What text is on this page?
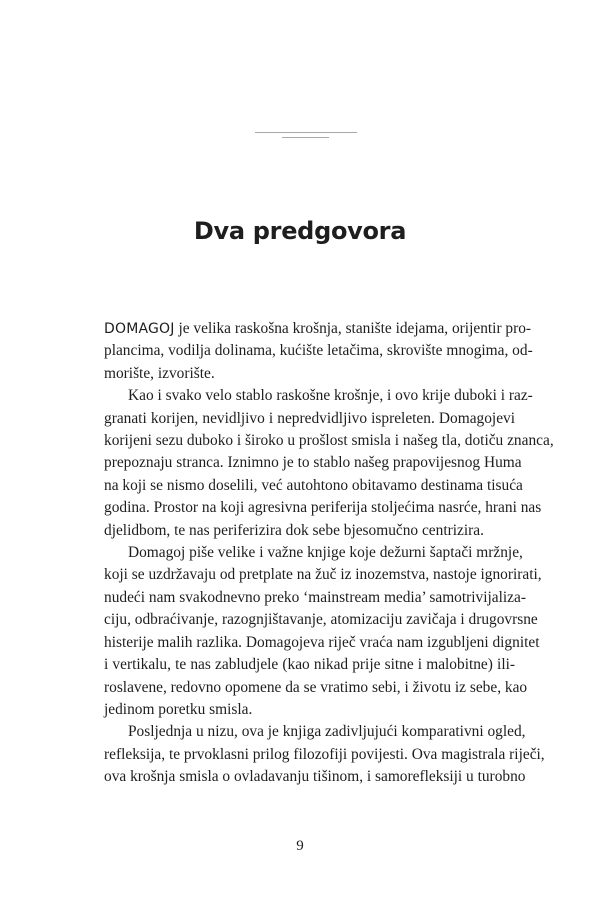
Dva predgovora
DOMAGOJ je velika raskošna krošnja, stanište idejama, orijentir pro-
plancima, vodilja dolinama, kućište letačima, skrovište mnogima, od-
morište, izvorište.
Kao i svako velo stablo raskošne krošnje, i ovo krije duboki i raz-
granati korijen, nevidljivo i nepredvidljivo ispreleten. Domagojevi
korijeni sezu duboko i široko u prošlost smisla i našeg tla, dotiču znanca,
prepoznaju stranca. Iznimno je to stablo našeg prapovijesnog Huma
na koji se nismo doselili, već autohtono obitavamo destinama tisuća
godina. Prostor na koji agresivna periferija stoljećima nasrće, hrani nas
djelidbom, te nas periferizira dok sebe bjesomučno centrizira.
Domagoj piše velike i važne knjige koje dežurni šaptači mržnje,
koji se uzdržavaju od pretplate na žuč iz inozemstva, nastoje ignorirati,
nudeći nam svakodnevno preko ‘mainstream media’ samotrivijaliza-
ciju, odbraćivanje, razognjištavanje, atomizaciju zavičaja i drugovrsne
histerije malih razlika. Domagojeva riječ vraća nam izgubljeni dignitet
i vertikalu, te nas zabludjele (kao nikad prije sitne i malobitne) ili-
roslavene, redovno opomene da se vratimo sebi, i životu iz sebe, kao
jedinom poretku smisla.
Posljednja u nizu, ova je knjiga zadivljujući komparativni ogled,
refleksija, te prvoklasni prilog filozofiji povijesti. Ova magistrala riječi,
ova krošnja smisla o ovladavanju tišinom, i samorefleksiji u turobno
9
